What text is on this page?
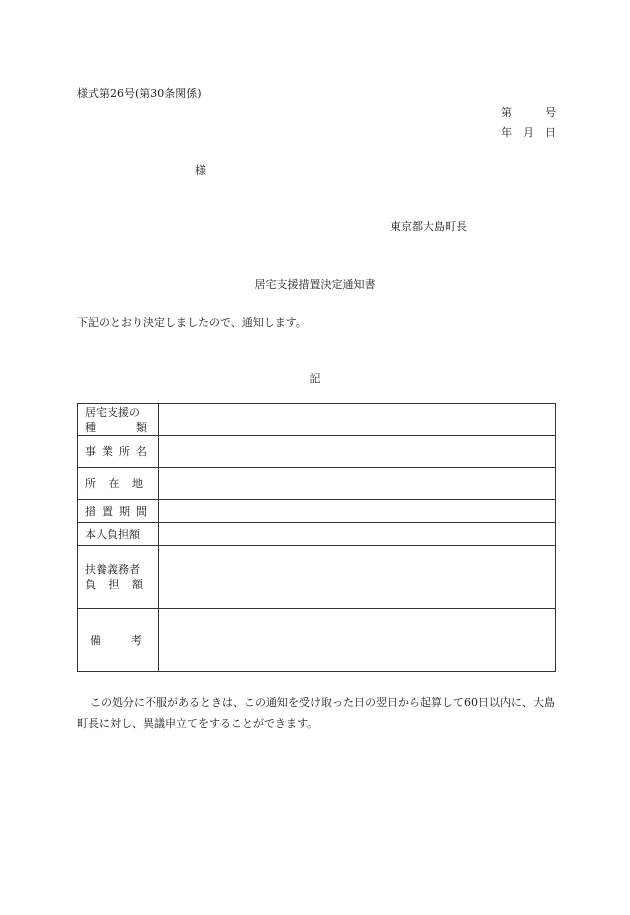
様式第26号(第30条関係)
第　　　号
年　月　日
様
東京都大島町長
居宅支援措置決定通知書
下記のとおり決定しましたので、通知します。
記
居宅支援の
種 類	

事 業 所 名	

所 在 地	

措 置 期 間	

本人負担額	

扶養義務者
負 担 額	

備 考	

この処分に不服があるときは、この通知を受け取った日の翌日から起算して60日以内に、大島町長に対し、異議申立てをすることができます。
